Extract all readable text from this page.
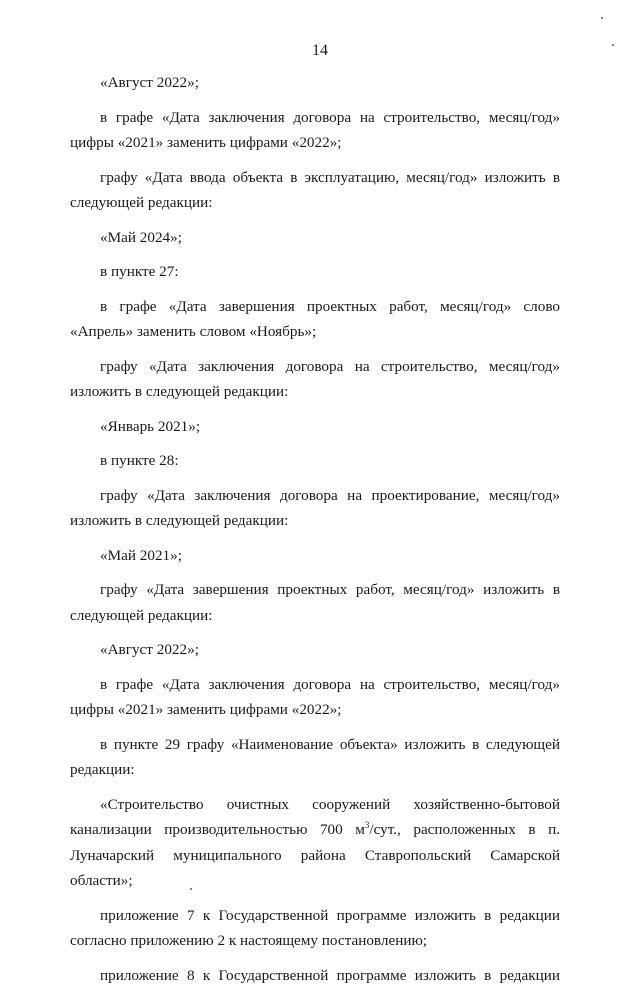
14

«Август 2022»;

в графе «Дата заключения договора на строительство, месяц/год» цифры «2021» заменить цифрами «2022»;

графу «Дата ввода объекта в эксплуатацию, месяц/год» изложить в следующей редакции:

«Май 2024»;

в пункте 27:

в графе «Дата завершения проектных работ, месяц/год» слово «Апрель» заменить словом «Ноябрь»;

графу «Дата заключения договора на строительство, месяц/год» изложить в следующей редакции:

«Январь 2021»;

в пункте 28:

графу «Дата заключения договора на проектирование, месяц/год» изложить в следующей редакции:

«Май 2021»;

графу «Дата завершения проектных работ, месяц/год» изложить в следующей редакции:

«Август 2022»;

в графе «Дата заключения договора на строительство, месяц/год» цифры «2021» заменить цифрами «2022»;

в пункте 29 графу «Наименование объекта» изложить в следующей редакции:

«Строительство очистных сооружений хозяйственно-бытовой канализации производительностью 700 $м^3$/сут., расположенных в п. Луначарский муниципального района Ставропольский Самарской области»;

приложение 7 к Государственной программе изложить в редакции согласно приложению 2 к настоящему постановлению;

приложение 8 к Государственной программе изложить в редакции
